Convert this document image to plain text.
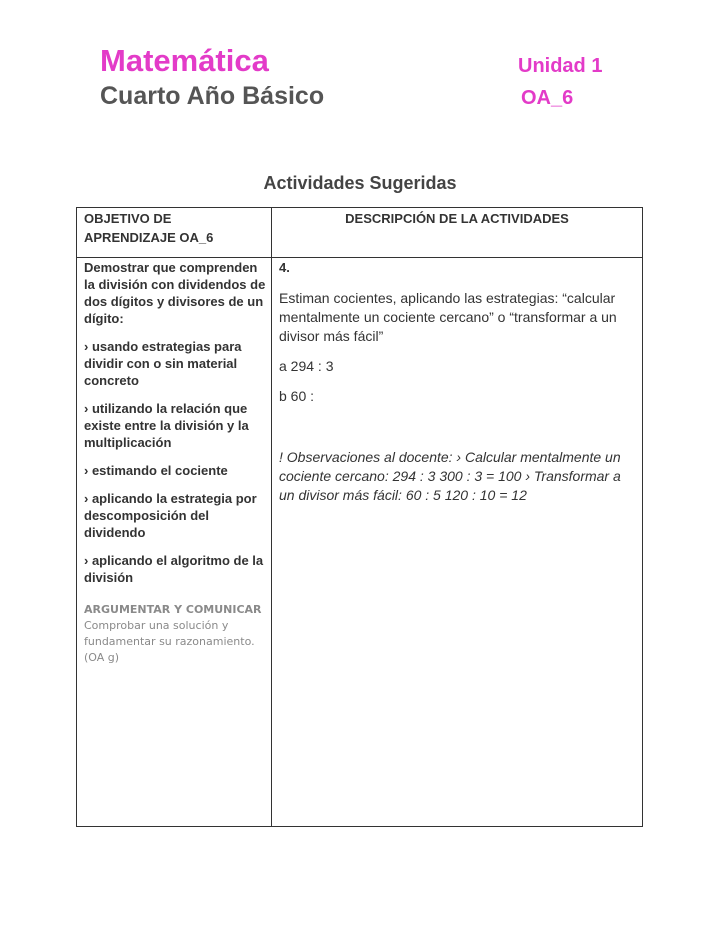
Matemática
Cuarto Año Básico
Unidad 1
OA_6
Actividades Sugeridas
OBJETIVO DE APRENDIZAJE OA_6
DESCRIPCIÓN DE LA ACTIVIDADES

Demostrar que comprenden la división con dividendos de dos dígitos y divisores de un dígito:

› usando estrategias para dividir con o sin material concreto

› utilizando la relación que existe entre la división y la multiplicación

› estimando el cociente

› aplicando la estrategia por descomposición del dividendo

› aplicando el algoritmo de la división

ARGUMENTAR Y COMUNICAR
Comprobar una solución y fundamentar su razonamiento. (OA g)

4.

Estiman cocientes, aplicando las estrategias: “calcular mentalmente un cociente cercano” o “transformar a un divisor más fácil”

a 294 : 3

b 60 :

! Observaciones al docente: › Calcular mentalmente un cociente cercano: 294 : 3 300 : 3 = 100 › Transformar a un divisor más fácil: 60 : 5 120 : 10 = 12
